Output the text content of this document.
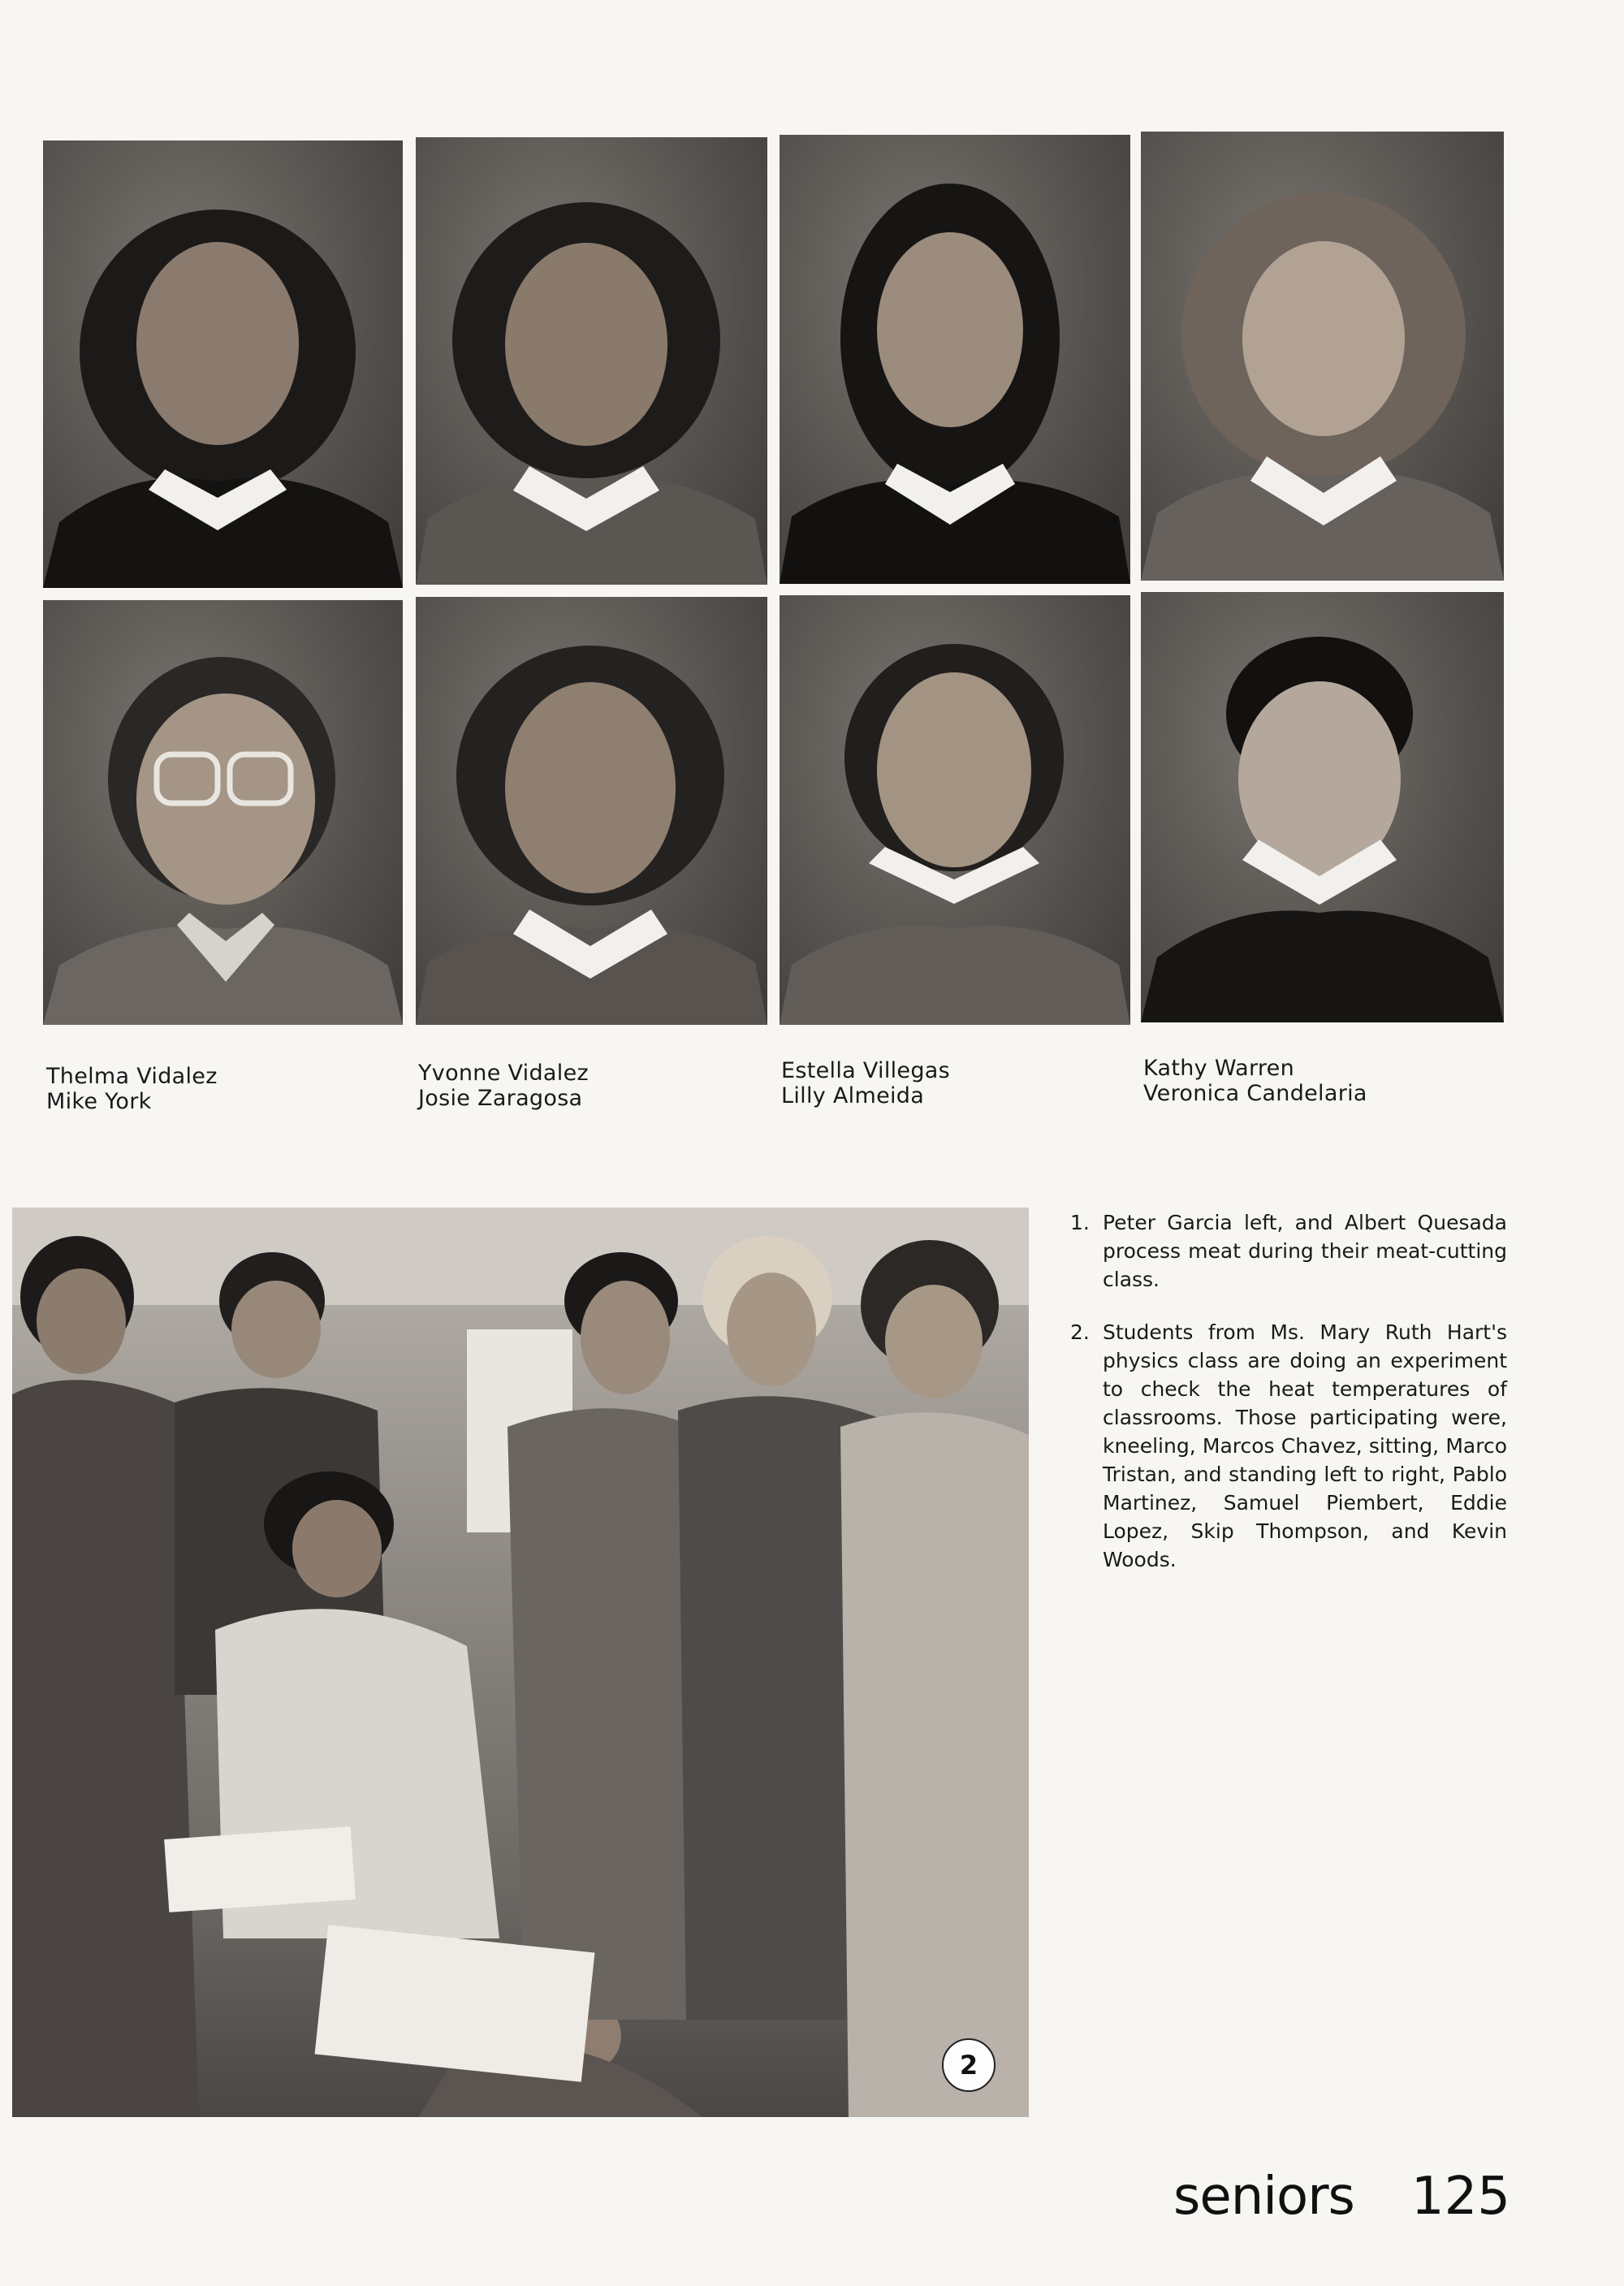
Thelma Vidalez
Mike York
Yvonne Vidalez
Josie Zaragosa
Estella Villegas
Lilly Almeida
Kathy Warren
Veronica Candelaria
2
1. Peter Garcia left, and Albert Quesada process meat during their meat-cutting class.
2. Students from Ms. Mary Ruth Hart's physics class are doing an experiment to check the heat temperatures of classrooms. Those participating were, kneeling, Marcos Chavez, sitting, Marco Tristan, and standing left to right, Pablo Martinez, Samuel Piembert, Eddie Lopez, Skip Thompson, and Kevin Woods.
seniors 125
